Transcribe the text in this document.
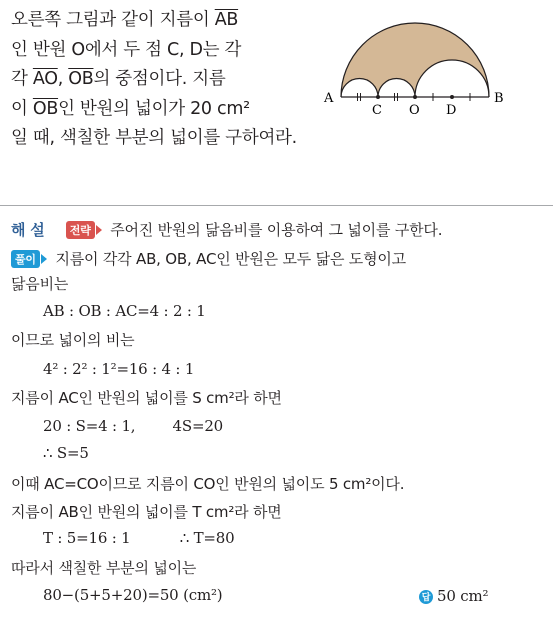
오른쪽 그림과 같이 지름이 $\overline{AB}$
인 반원 O에서 두 점 C, D는 각
각 $\overline{AO}$, $\overline{OB}$의 중점이다. 지름
이 $\overline{OB}$인 반원의 넓이가 20 cm²
일 때, 색칠한 부분의 넓이를 구하여라.
A
C O D
B
해 설 전략 주어진 반원의 닮음비를 이용하여 그 넓이를 구한다.
풀이 지름이 각각 AB, OB, AC인 반원은 모두 닮은 도형이고
닮음비는
AB : OB : AC=4 : 2 : 1
이므로 넓이의 비는
4² : 2² : 1²=16 : 4 : 1
지름이 AC인 반원의 넓이를 S cm²라 하면
20 : S=4 : 1, 4S=20
∴ S=5
이때 AC=CO이므로 지름이 CO인 반원의 넓이도 5 cm²이다.
지름이 AB인 반원의 넓이를 T cm²라 하면
T : 5=16 : 1	∴ T=80
따라서 색칠한 부분의 넓이는
80−(5+5+20)=50 (cm²)	답 50 cm²
